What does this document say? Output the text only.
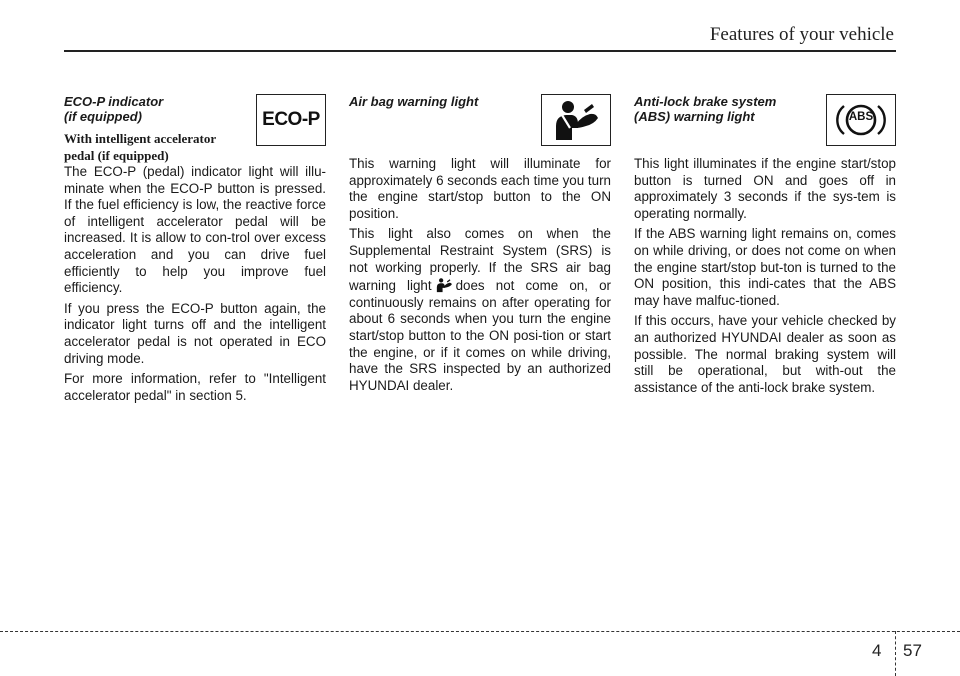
Features of your vehicle
ECO-P indicator
(if equipped)
With intelligent accelerator
pedal (if equipped)
ECO-P

The ECO-P (pedal) indicator light will illu-minate when the ECO-P button is pressed. If the fuel efficiency is low, the reactive force of intelligent accelerator pedal will be increased. It is allow to con-trol over excess acceleration and you can drive fuel efficiently to help you improve fuel efficiency.

If you press the ECO-P button again, the indicator light turns off and the intelligent accelerator pedal is not operated in ECO driving mode.

For more information, refer to "Intelligent accelerator pedal" in section 5.

Air bag warning light

This warning light will illuminate for approximately 6 seconds each time you turn the engine start/stop button to the ON position.

This light also comes on when the Supplemental Restraint System (SRS) is not working properly. If the SRS air bag warning light does not come on, or continuously remains on after operating for about 6 seconds when you turn the engine start/stop button to the ON posi-tion or start the engine, or if it comes on while driving, have the SRS inspected by an authorized HYUNDAI dealer.

Anti-lock brake system
(ABS) warning light	ABS

This light illuminates if the engine start/stop button is turned ON and goes off in approximately 3 seconds if the sys-tem is operating normally.

If the ABS warning light remains on, comes on while driving, or does not come on when the engine start/stop but-ton is turned to the ON position, this indi-cates that the ABS may have malfuc-tioned.

If this occurs, have your vehicle checked by an authorized HYUNDAI dealer as soon as possible. The normal braking system will still be operational, but with-out the assistance of the anti-lock brake system.

4 57
